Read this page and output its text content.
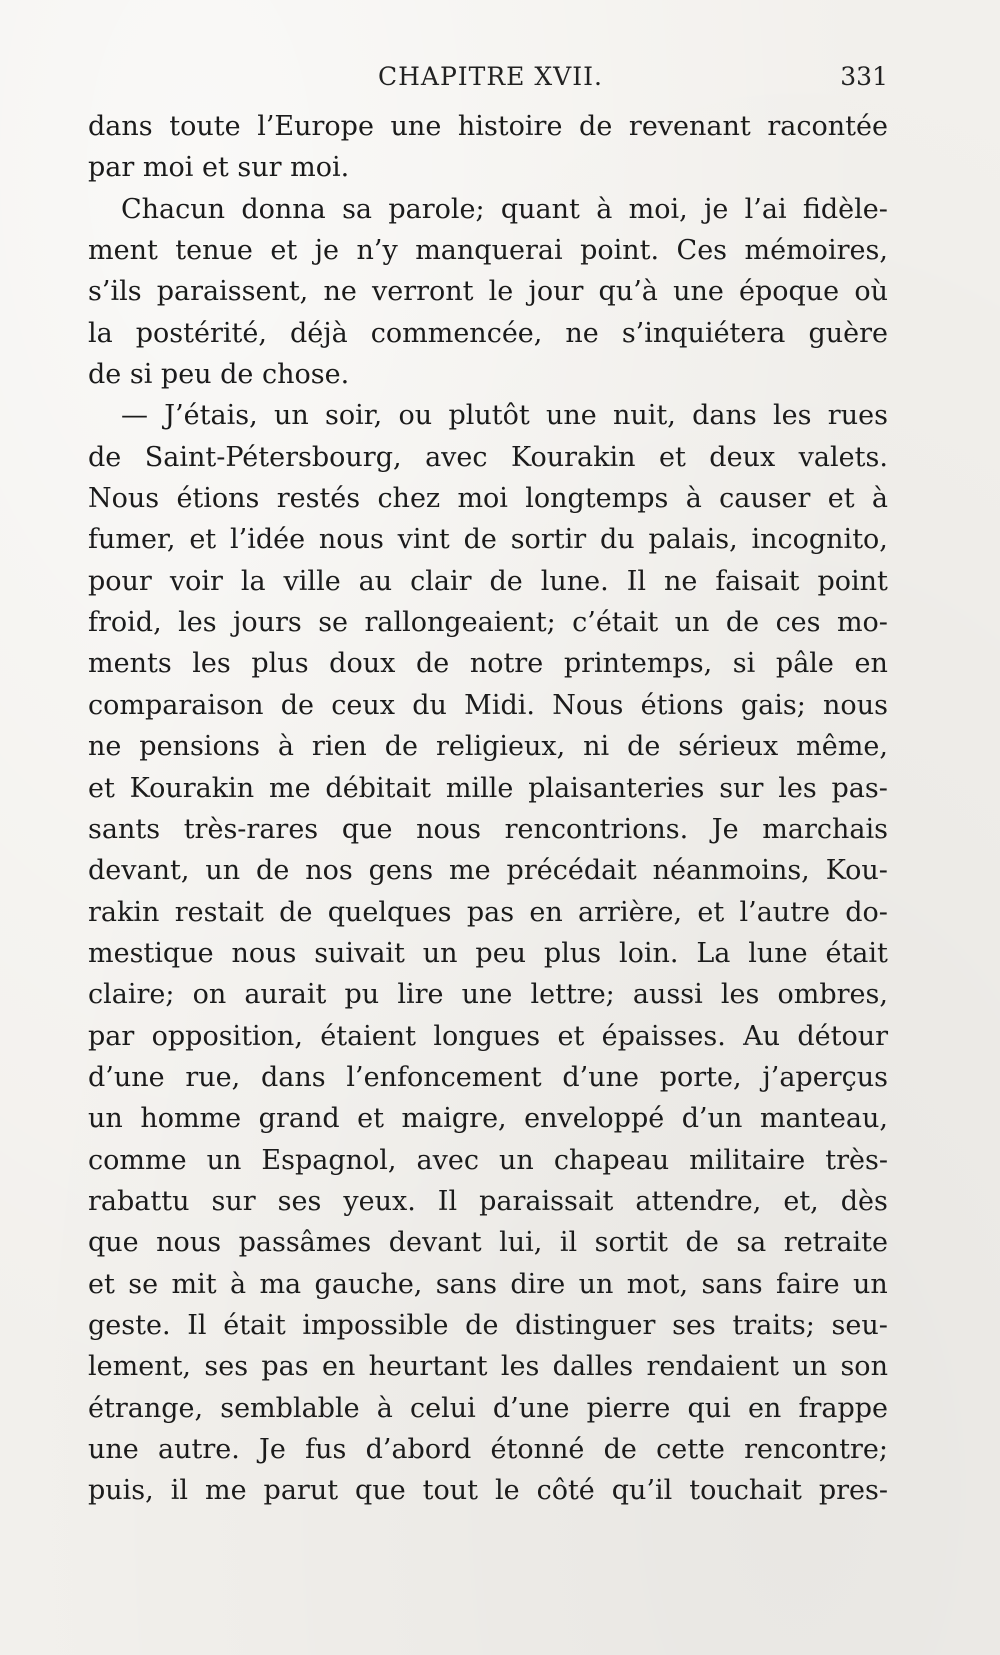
CHAPITRE XVII.	331
dans toute l’Europe une histoire de revenant racontée
par moi et sur moi.
Chacun donna sa parole; quant à moi, je l’ai fidèle-
ment tenue et je n’y manquerai point. Ces mémoires,
s’ils paraissent, ne verront le jour qu’à une époque où
la postérité, déjà commencée, ne s’inquiétera guère
de si peu de chose.
— J’étais, un soir, ou plutôt une nuit, dans les rues
de Saint-Pétersbourg, avec Kourakin et deux valets.
Nous étions restés chez moi longtemps à causer et à
fumer, et l’idée nous vint de sortir du palais, incognito,
pour voir la ville au clair de lune. Il ne faisait point
froid, les jours se rallongeaient; c’était un de ces mo-
ments les plus doux de notre printemps, si pâle en
comparaison de ceux du Midi. Nous étions gais; nous
ne pensions à rien de religieux, ni de sérieux même,
et Kourakin me débitait mille plaisanteries sur les pas-
sants très-rares que nous rencontrions. Je marchais
devant, un de nos gens me précédait néanmoins, Kou-
rakin restait de quelques pas en arrière, et l’autre do-
mestique nous suivait un peu plus loin. La lune était
claire; on aurait pu lire une lettre; aussi les ombres,
par opposition, étaient longues et épaisses. Au détour
d’une rue, dans l’enfoncement d’une porte, j’aperçus
un homme grand et maigre, enveloppé d’un manteau,
comme un Espagnol, avec un chapeau militaire très-
rabattu sur ses yeux. Il paraissait attendre, et, dès
que nous passâmes devant lui, il sortit de sa retraite
et se mit à ma gauche, sans dire un mot, sans faire un
geste. Il était impossible de distinguer ses traits; seu-
lement, ses pas en heurtant les dalles rendaient un son
étrange, semblable à celui d’une pierre qui en frappe
une autre. Je fus d’abord étonné de cette rencontre;
puis, il me parut que tout le côté qu’il touchait pres-
